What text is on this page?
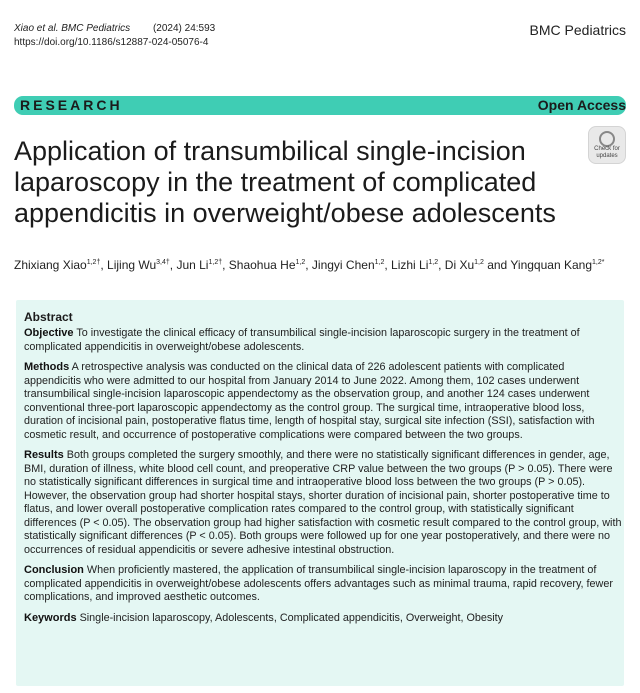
Xiao et al. BMC Pediatrics (2024) 24:593
https://doi.org/10.1186/s12887-024-05076-4
BMC Pediatrics
RESEARCH	Open Access
Application of transumbilical single-incision laparoscopy in the treatment of complicated appendicitis in overweight/obese adolescents
Check for
updates
Zhixiang Xiao$^{1,2\dagger}$, Lijing $Wu^{3,4\dagger}$, Jun $Li^{1,2\dagger}$, Shaohua He$^{1,2}$, Jingyi Chen$^{1,2}$, Lizhi Li$^{1,2}$, Di Xu$^{1,2}$ and Yingquan Kang$^{1,2*}$
Abstract

Objective To investigate the clinical efficacy of transumbilical single-incision laparoscopic surgery in the treatment of complicated appendicitis in overweight/obese adolescents.

Methods A retrospective analysis was conducted on the clinical data of 226 adolescent patients with complicated appendicitis who were admitted to our hospital from January 2014 to June 2022. Among them, 102 cases underwent transumbilical single-incision laparoscopic appendectomy as the observation group, and another 124 cases underwent conventional three-port laparoscopic appendectomy as the control group. The surgical time, intraoperative blood loss, duration of incisional pain, postoperative flatus time, length of hospital stay, surgical site infection (SSI), satisfaction with cosmetic result, and occurrence of postoperative complications were compared between the two groups.

Results Both groups completed the surgery smoothly, and there were no statistically significant differences in gender, age, BMI, duration of illness, white blood cell count, and preoperative CRP value between the two groups (P > 0.05). There were no statistically significant differences in surgical time and intraoperative blood loss between the two groups (P > 0.05). However, the observation group had shorter hospital stays, shorter duration of incisional pain, shorter postoperative time to flatus, and lower overall postoperative complication rates compared to the control group, with statistically significant differences (P < 0.05). The observation group had higher satisfaction with cosmetic result compared to the control group, with statistically significant differences (P < 0.05). Both groups were followed up for one year postoperatively, and there were no occurrences of residual appendicitis or severe adhesive intestinal obstruction.

Conclusion When proficiently mastered, the application of transumbilical single-incision laparoscopy in the treatment of complicated appendicitis in overweight/obese adolescents offers advantages such as minimal trauma, rapid recovery, fewer complications, and improved aesthetic outcomes.

Keywords Single-incision laparoscopy, Adolescents, Complicated appendicitis, Overweight, Obesity
